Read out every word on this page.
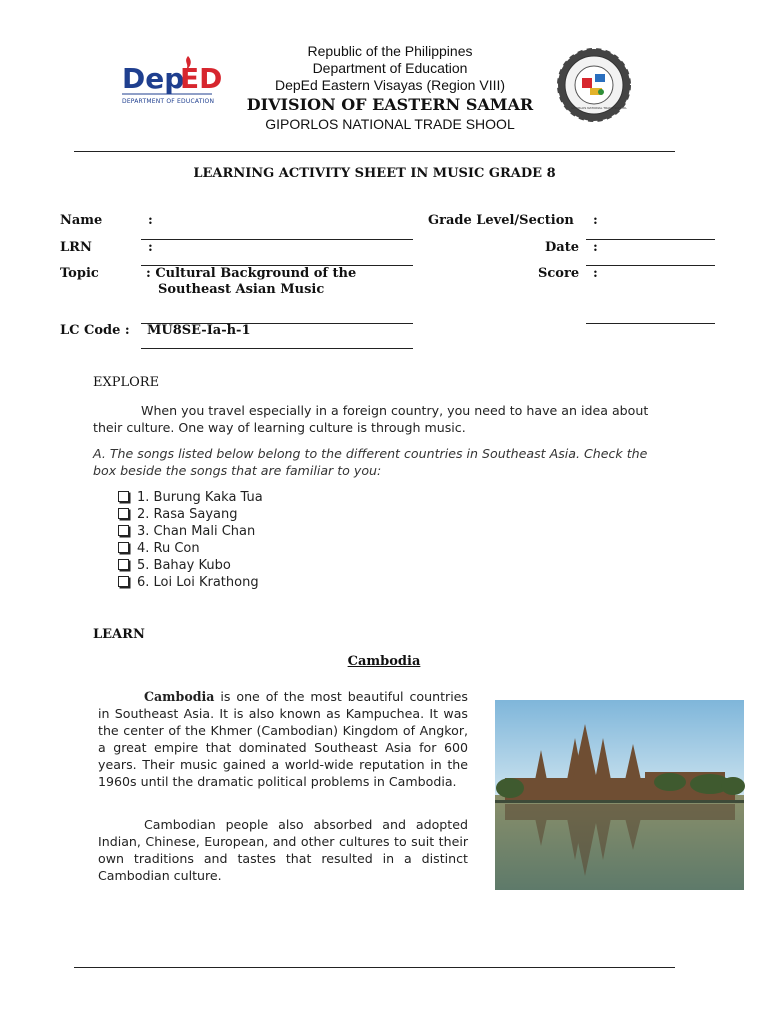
Dep
ED
DEPARTMENT OF EDUCATION
Republic of the Philippines
Department of Education
DepEd Eastern Visayas (Region VIII)
DIVISION OF EASTERN SAMAR
GIPORLOS NATIONAL TRADE SHOOL
GIPORLOS NATIONAL TRADE SCHOOL
LEARNING ACTIVITY SHEET IN MUSIC GRADE 8
Name	:
LRN	:
Topic	: Cultural Background of the
Southeast Asian Music
LC Code : MU8SE-Ia-h-1
Grade Level/Section :
Date :
Score :
EXPLORE
When you travel especially in a foreign country, you need to have an idea about their culture. One way of learning culture is through music.
A. The songs listed below belong to the different countries in Southeast Asia. Check the box beside the songs that are familiar to you:
1. Burung Kaka Tua
2. Rasa Sayang
3. Chan Mali Chan
4. Ru Con
5. Bahay Kubo
6. Loi Loi Krathong
LEARN
Cambodia
Cambodia is one of the most beautiful countries in Southeast Asia. It is also known as Kampuchea. It was the center of the Khmer (Cambodian) Kingdom of Angkor, a great empire that dominated Southeast Asia for 600 years. Their music gained a world-wide reputation in the 1960s until the dramatic political problems in Cambodia.
Cambodian people also absorbed and adopted Indian, Chinese, European, and other cultures to suit their own traditions and tastes that resulted in a distinct Cambodian culture.
